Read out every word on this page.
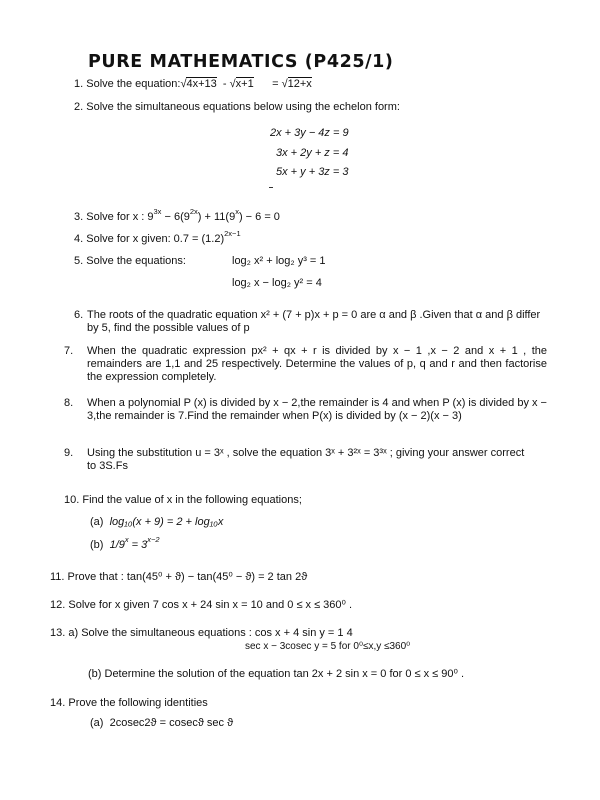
PURE MATHEMATICS (P425/1)
1. Solve the equation:√4x+13 - √x+1 = √12+x
2. Solve the simultaneous equations below using the echelon form:
2x + 3y − 4z = 9
3x + 2y + z = 4
5x + y + 3z = 3
3. Solve for x : $9^{3x} - 6(9^{2x}) + 11(9^x) - 6 = 0$
4. Solve for x given: $0.7 = (1.2)^{2x-1}$
5. Solve the equations:	log₂ x² + log₂ y³ = 1
log₂ x − log₂ y² = 4
6. The roots of the quadratic equation x² + (7 + p)x + p = 0 are α and β .Given that α and β differ by 5, find the possible values of p
7. When the quadratic expression px² + qx + r is divided by x − 1 ,x − 2 and x + 1 , the remainders are 1,1 and 25 respectively. Determine the values of p, q and r and then factorise the expression completely.
8. When a polynomial P (x) is divided by x − 2,the remainder is 4 and when P (x) is divided by x − 3,the remainder is 7.Find the remainder when P(x) is divided by (x − 2)(x − 3)
9. Using the substitution u = 3ˣ , solve the equation 3ˣ + 3²ˣ = 3³ˣ ; giving your answer correct to 3S.Fs
10. Find the value of x in the following equations;
(a) log₁₀(x + 9) = 2 + log₁₀x
(b) $1/9^x = 3^{x-2}$
11. Prove that : tan(45⁰ + ϑ) − tan(45⁰ − ϑ) = 2 tan 2ϑ
12. Solve for x given 7 cos x + 24 sin x = 10 and 0 ≤ x ≤ 360⁰ .
13. a) Solve the simultaneous equations : cos x + 4 sin y = 1 4
sec x − 3cosec y = 5 for 0⁰≤x,y ≤360⁰
(b) Determine the solution of the equation tan 2x + 2 sin x = 0 for 0 ≤ x ≤ 90⁰ .
14. Prove the following identities
(a) 2cosec2ϑ = cosecϑ sec ϑ
